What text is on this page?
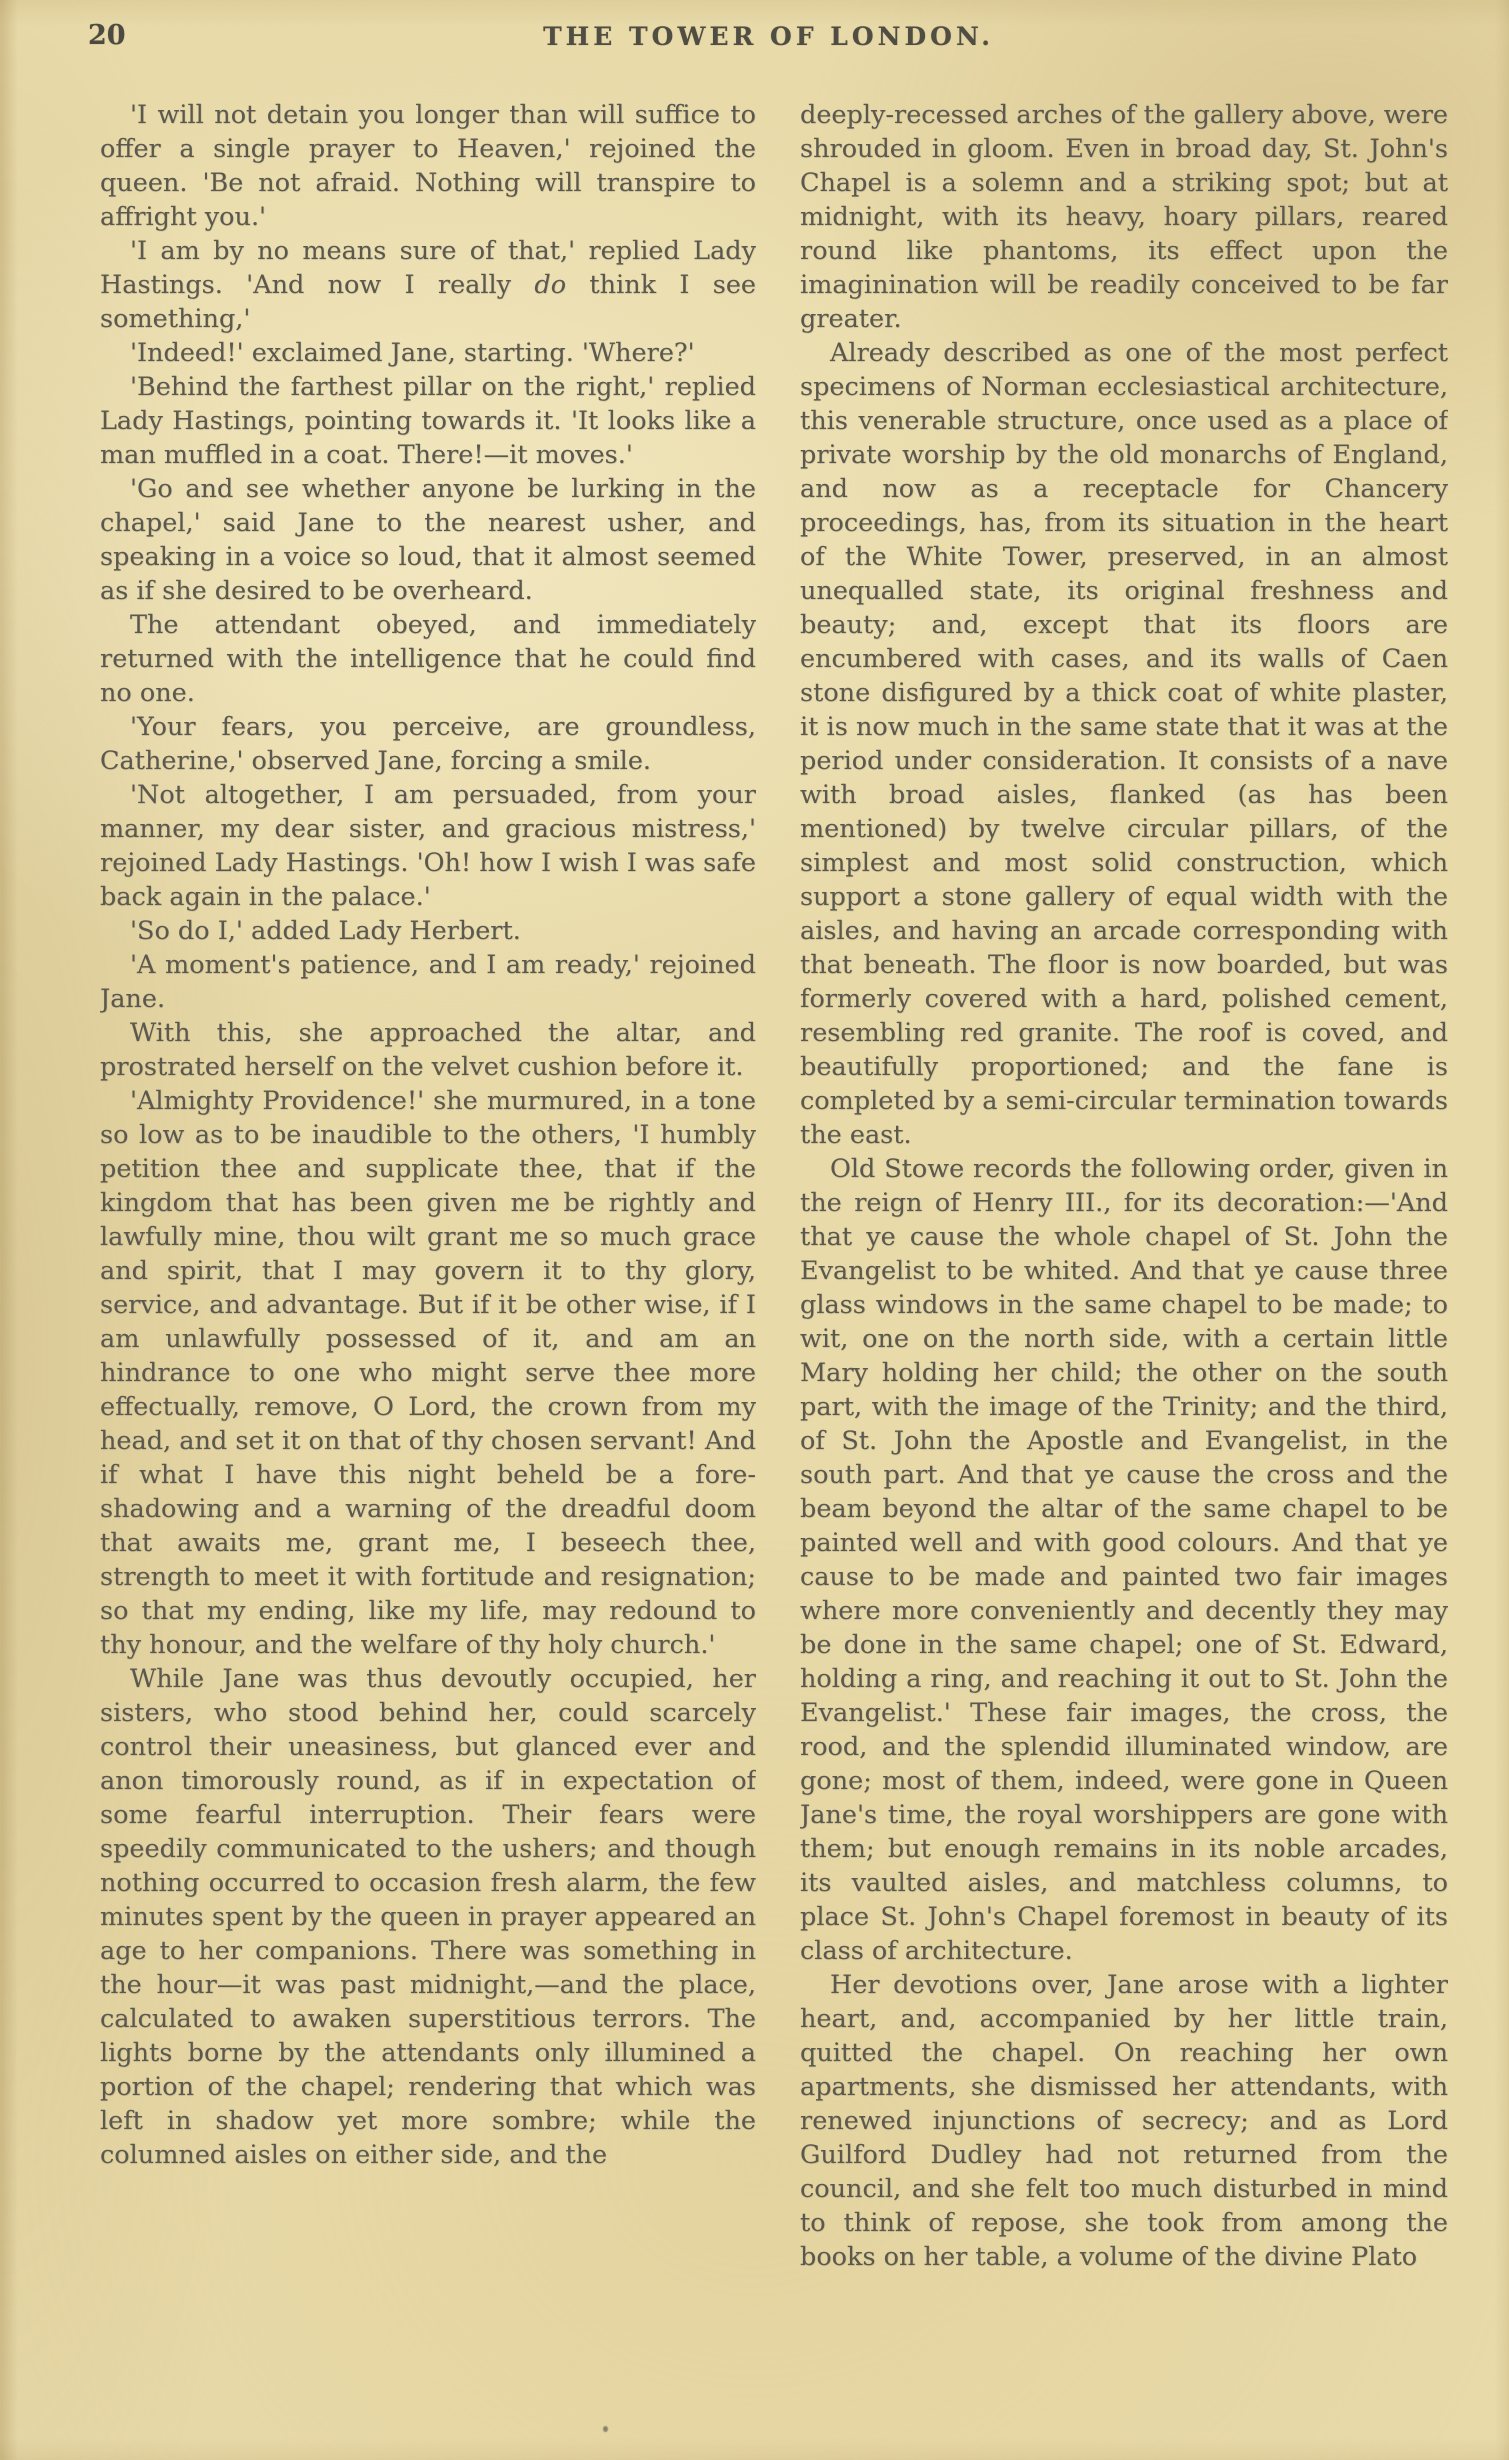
20	THE TOWER OF LONDON.

'I will not detain you longer than will suffice to offer a single prayer to Heaven,' rejoined the queen. 'Be not afraid. Nothing will transpire to affright you.'

'I am by no means sure of that,' replied Lady Hastings. 'And now I really do think I see something,'

'Indeed!' exclaimed Jane, starting. 'Where?'

'Behind the farthest pillar on the right,' replied Lady Hastings, pointing towards it. 'It looks like a man muffled in a coat. There!—it moves.'

'Go and see whether anyone be lurking in the chapel,' said Jane to the nearest usher, and speaking in a voice so loud, that it almost seemed as if she desired to be overheard.

The attendant obeyed, and immediately returned with the intelligence that he could find no one.

'Your fears, you perceive, are groundless, Catherine,' observed Jane, forcing a smile.

'Not altogether, I am persuaded, from your manner, my dear sister, and gracious mistress,' rejoined Lady Hastings. 'Oh! how I wish I was safe back again in the palace.'

'So do I,' added Lady Herbert.

'A moment's patience, and I am ready,' rejoined Jane.

With this, she approached the altar, and prostrated herself on the velvet cushion before it.

'Almighty Providence!' she murmured, in a tone so low as to be inaudible to the others, 'I humbly petition thee and supplicate thee, that if the kingdom that has been given me be rightly and lawfully mine, thou wilt grant me so much grace and spirit, that I may govern it to thy glory, service, and advantage. But if it be other wise, if I am unlawfully possessed of it, and am an hindrance to one who might serve thee more effectually, remove, O Lord, the crown from my head, and set it on that of thy chosen servant! And if what I have this night beheld be a fore-shadowing and a warning of the dreadful doom that awaits me, grant me, I beseech thee, strength to meet it with fortitude and resignation; so that my ending, like my life, may redound to thy honour, and the welfare of thy holy church.'

While Jane was thus devoutly occupied, her sisters, who stood behind her, could scarcely control their uneasiness, but glanced ever and anon timorously round, as if in expectation of some fearful interruption. Their fears were speedily communicated to the ushers; and though nothing occurred to occasion fresh alarm, the few minutes spent by the queen in prayer appeared an age to her companions. There was something in the hour—it was past midnight,—and the place, calculated to awaken superstitious terrors. The lights borne by the attendants only illumined a portion of the chapel; rendering that which was left in shadow yet more sombre; while the columned aisles on either side, and the

deeply-recessed arches of the gallery above, were shrouded in gloom. Even in broad day, St. John's Chapel is a solemn and a striking spot; but at midnight, with its heavy, hoary pillars, reared round like phantoms, its effect upon the imaginination will be readily conceived to be far greater.

Already described as one of the most perfect specimens of Norman ecclesiastical architecture, this venerable structure, once used as a place of private worship by the old monarchs of England, and now as a receptacle for Chancery proceedings, has, from its situation in the heart of the White Tower, preserved, in an almost unequalled state, its original freshness and beauty; and, except that its floors are encumbered with cases, and its walls of Caen stone disfigured by a thick coat of white plaster, it is now much in the same state that it was at the period under consideration. It consists of a nave with broad aisles, flanked (as has been mentioned) by twelve circular pillars, of the simplest and most solid construction, which support a stone gallery of equal width with the aisles, and having an arcade corresponding with that beneath. The floor is now boarded, but was formerly covered with a hard, polished cement, resembling red granite. The roof is coved, and beautifully proportioned; and the fane is completed by a semi-circular termination towards the east.

Old Stowe records the following order, given in the reign of Henry III., for its decoration:—'And that ye cause the whole chapel of St. John the Evangelist to be whited. And that ye cause three glass windows in the same chapel to be made; to wit, one on the north side, with a certain little Mary holding her child; the other on the south part, with the image of the Trinity; and the third, of St. John the Apostle and Evangelist, in the south part. And that ye cause the cross and the beam beyond the altar of the same chapel to be painted well and with good colours. And that ye cause to be made and painted two fair images where more conveniently and decently they may be done in the same chapel; one of St. Edward, holding a ring, and reaching it out to St. John the Evangelist.' These fair images, the cross, the rood, and the splendid illuminated window, are gone; most of them, indeed, were gone in Queen Jane's time, the royal worshippers are gone with them; but enough remains in its noble arcades, its vaulted aisles, and matchless columns, to place St. John's Chapel foremost in beauty of its class of architecture.

Her devotions over, Jane arose with a lighter heart, and, accompanied by her little train, quitted the chapel. On reaching her own apartments, she dismissed her attendants, with renewed injunctions of secrecy; and as Lord Guilford Dudley had not returned from the council, and she felt too much disturbed in mind to think of repose, she took from among the books on her table, a volume of the divine Plato
